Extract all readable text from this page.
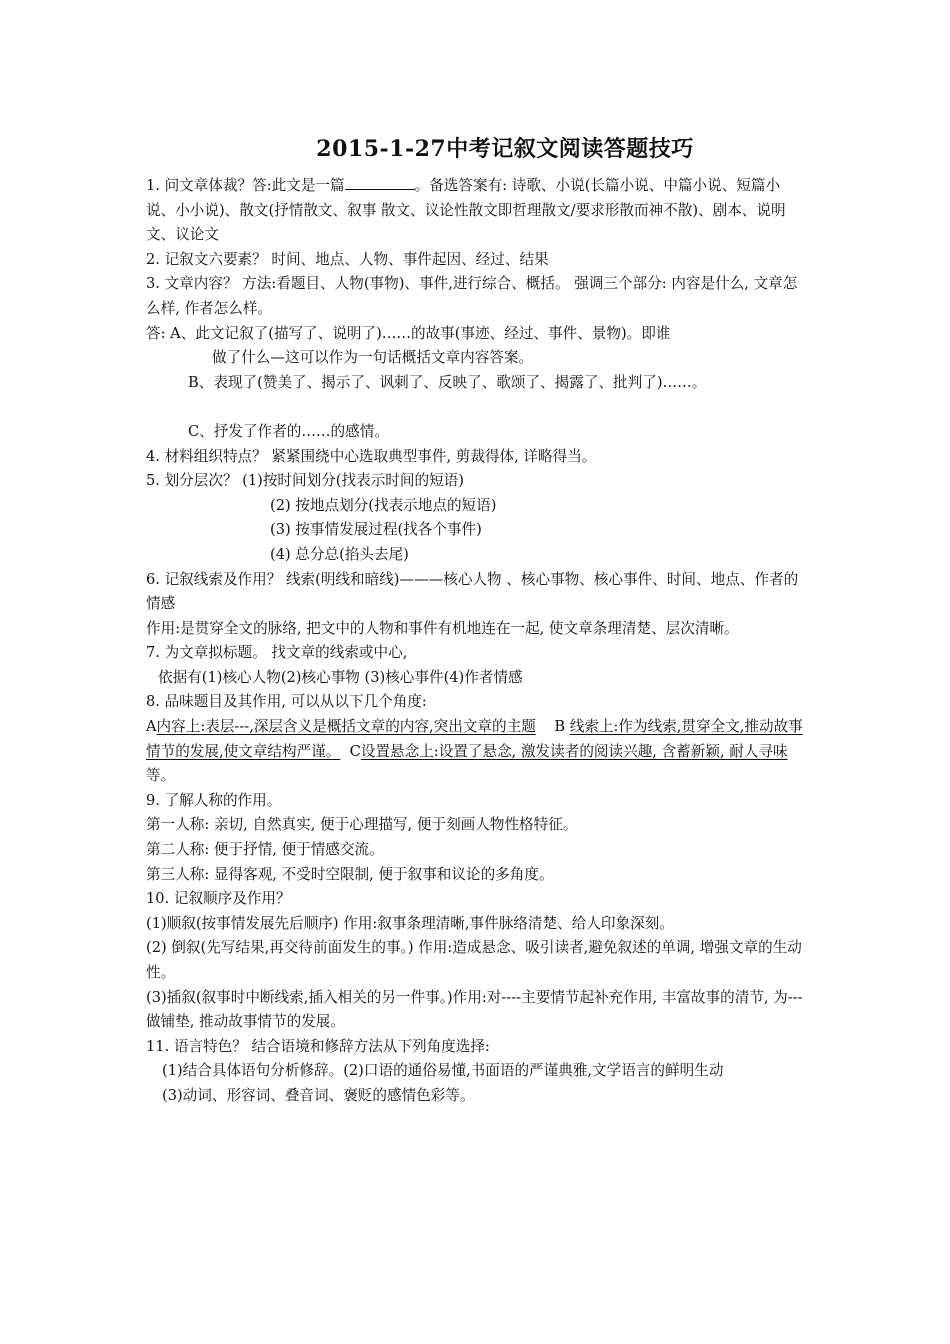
2015-1-27中考记叙文阅读答题技巧

1. 问文章体裁？答:此文是一篇	。备选答案有: 诗歌、小说(长篇小说、中篇小说、短篇小说、小小说)、散文(抒情散文、叙事 散文、议论性散文即哲理散文/要求形散而神不散)、剧本、说明文、议论文

2. 记叙文六要素？ 时间、地点、人物、事件起因、经过、结果

3. 文章内容？ 方法:看题目、人物(事物)、事件,进行综合、概括。 强调三个部分: 内容是什么, 文章怎么样, 作者怎么样。

答: A、此文记叙了(描写了、说明了)……的故事(事迹、经过、事件、景物)。即谁

做了什么—这可以作为一句话概括文章内容答案。

B、表现了(赞美了、揭示了、讽刺了、反映了、歌颂了、揭露了、批判了)……。

C、抒发了作者的……的感情。

4. 材料组织特点？ 紧紧围绕中心选取典型事件, 剪裁得体, 详略得当。

5. 划分层次？ (1)按时间划分(找表示时间的短语)

(2) 按地点划分(找表示地点的短语)

(3) 按事情发展过程(找各个事件)

(4) 总分总(掐头去尾)

6. 记叙线索及作用？ 线索(明线和暗线)———核心人物 、核心事物、核心事件、时间、地点、作者的情感

作用:是贯穿全文的脉络, 把文中的人物和事件有机地连在一起, 使文章条理清楚、层次清晰。

7. 为文章拟标题。 找文章的线索或中心,

依据有(1)核心人物(2)核心事物 (3)核心事件(4)作者情感

8. 品味题目及其作用, 可以从以下几个角度:

A内容上:表层---,深层含义是概括文章的内容,突出文章的主题    B 线索上:作为线索,贯穿全文,推动故事情节的发展,使文章结构严谨。  C设置悬念上:设置了悬念, 激发读者的阅读兴趣, 含蓄新颖, 耐人寻味等。

9. 了解人称的作用。

第一人称: 亲切, 自然真实, 便于心理描写, 便于刻画人物性格特征。

第二人称: 便于抒情, 便于情感交流。

第三人称: 显得客观, 不受时空限制, 便于叙事和议论的多角度。

10. 记叙顺序及作用？

(1)顺叙(按事情发展先后顺序) 作用:叙事条理清晰,事件脉络清楚、给人印象深刻。

(2) 倒叙(先写结果,再交待前面发生的事。) 作用:造成悬念、吸引读者,避免叙述的单调, 增强文章的生动性。

(3)插叙(叙事时中断线索,插入相关的另一件事。)作用:对----主要情节起补充作用, 丰富故事的清节, 为---做铺垫, 推动故事情节的发展。

11. 语言特色？ 结合语境和修辞方法从下列角度选择:

(1)结合具体语句分析修辞。(2)口语的通俗易懂,书面语的严谨典雅,文学语言的鲜明生动

(3)动词、形容词、叠音词、褒贬的感情色彩等。
